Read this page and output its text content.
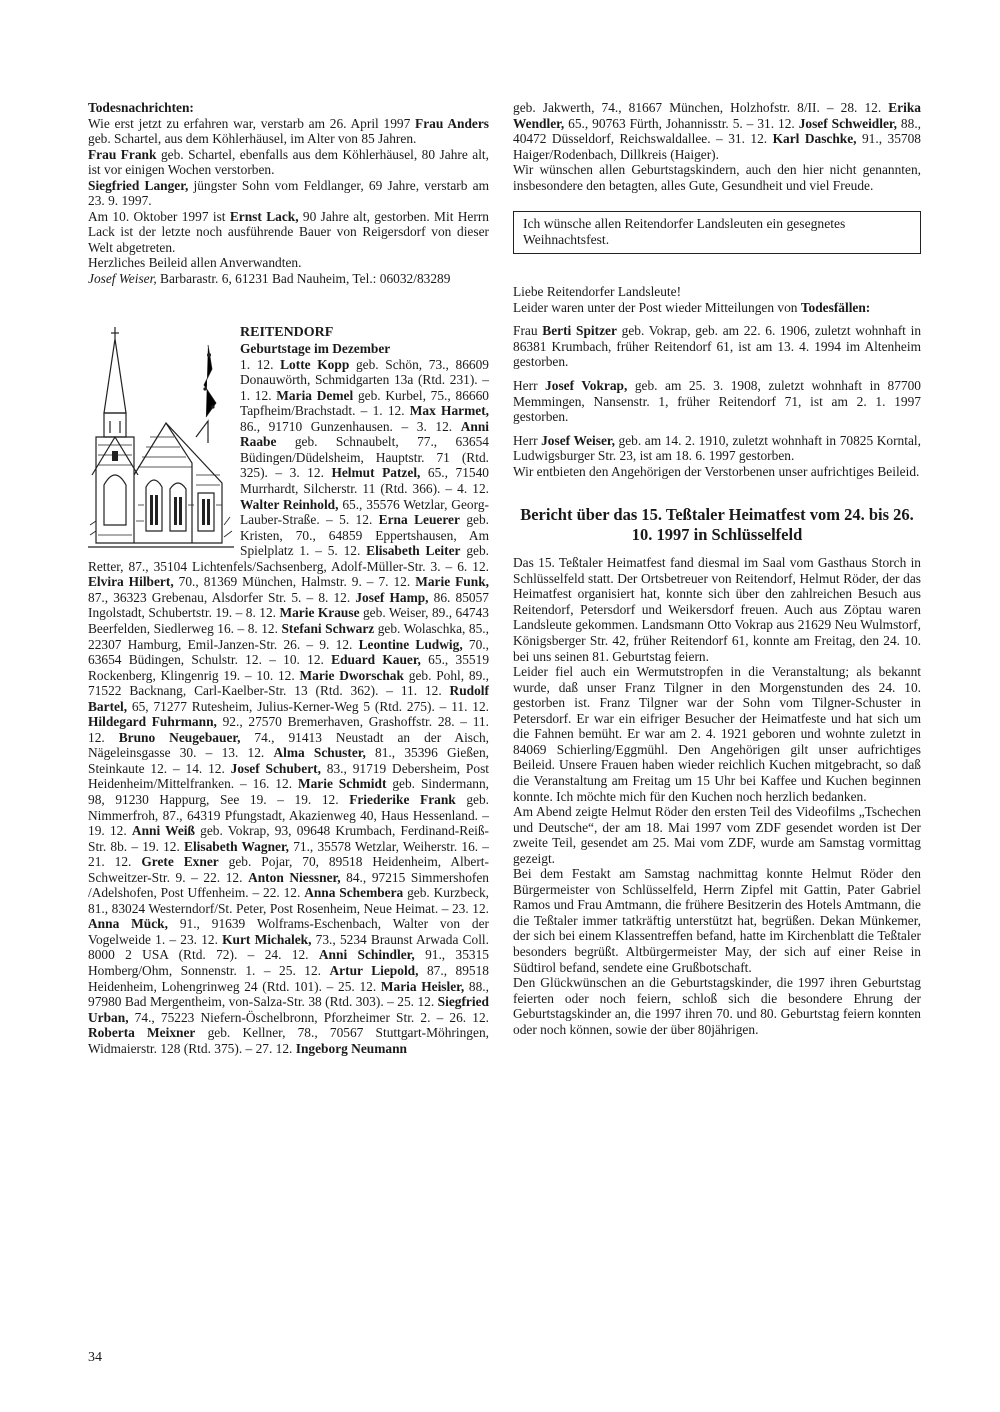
Todesnachrichten:

Wie erst jetzt zu erfahren war, verstarb am 26. April 1997 Frau Anders geb. Schartel, aus dem Köhlerhäusel, im Alter von 85 Jahren.

Frau Frank geb. Schartel, ebenfalls aus dem Köhlerhäusel, 80 Jahre alt, ist vor einigen Wochen verstorben.

Siegfried Langer, jüngster Sohn vom Feldlanger, 69 Jahre, verstarb am 23. 9. 1997.

Am 10. Oktober 1997 ist Ernst Lack, 90 Jahre alt, gestorben. Mit Herrn Lack ist der letzte noch ausführende Bauer von Reigersdorf von dieser Welt abgetreten.

Herzliches Beileid allen Anverwandten.

Josef Weiser, Barbarastr. 6, 61231 Bad Nauheim, Tel.: 06032/83289

REITENDORF

Geburtstage im Dezember

1. 12. Lotte Kopp geb. Schön, 73., 86609 Donauwörth, Schmidgarten 13a (Rtd. 231). – 1. 12. Maria Demel geb. Kurbel, 75., 86660 Tapfheim/Brachstadt. – 1. 12. Max Harmet, 86., 91710 Gunzenhausen. – 3. 12. Anni Raabe geb. Schnaubelt, 77., 63654 Büdingen/Düdelsheim, Hauptstr. 71 (Rtd. 325). – 3. 12. Helmut Patzel, 65., 71540 Murrhardt, Silcherstr. 11 (Rtd. 366). – 4. 12. Walter Reinhold, 65., 35576 Wetzlar, Georg-Lauber-Straße. – 5. 12. Erna Leuerer geb. Kristen, 70., 64859 Eppertshausen, Am Spielplatz 1. – 5. 12. Elisabeth Leiter geb. Retter, 87., 35104 Lichtenfels/Sachsenberg, Adolf-Müller-Str. 3. – 6. 12. Elvira Hilbert, 70., 81369 München, Halmstr. 9. – 7. 12. Marie Funk, 87., 36323 Grebenau, Alsdorfer Str. 5. – 8. 12. Josef Hamp, 86. 85057 Ingolstadt, Schubertstr. 19. – 8. 12. Marie Krause geb. Weiser, 89., 64743 Beerfelden, Siedlerweg 16. – 8. 12. Stefani Schwarz geb. Wolaschka, 85., 22307 Hamburg, Emil-Janzen-Str. 26. – 9. 12. Leontine Ludwig, 70., 63654 Büdingen, Schulstr. 12. – 10. 12. Eduard Kauer, 65., 35519 Rockenberg, Klingenrig 19. – 10. 12. Marie Dworschak geb. Pohl, 89., 71522 Backnang, Carl-Kaelber-Str. 13 (Rtd. 362). – 11. 12. Rudolf Bartel, 65, 71277 Rutesheim, Julius-Kerner-Weg 5 (Rtd. 275). – 11. 12. Hildegard Fuhrmann, 92., 27570 Bremerhaven, Grashoffstr. 28. – 11. 12. Bruno Neugebauer, 74., 91413 Neustadt an der Aisch, Nägeleinsgasse 30. – 13. 12. Alma Schuster, 81., 35396 Gießen, Steinkaute 12. – 14. 12. Josef Schubert, 83., 91719 Debersheim, Post Heidenheim/Mittelfranken. – 16. 12. Marie Schmidt geb. Sindermann, 98, 91230 Happurg, See 19. – 19. 12. Friederike Frank geb. Nimmerfroh, 87., 64319 Pfungstadt, Akazienweg 40, Haus Hessenland. – 19. 12. Anni Weiß geb. Vokrap, 93, 09648 Krumbach, Ferdinand-Reiß-Str. 8b. – 19. 12. Elisabeth Wagner, 71., 35578 Wetzlar, Weiherstr. 16. – 21. 12. Grete Exner geb. Pojar, 70, 89518 Heidenheim, Albert-Schweitzer-Str. 9. – 22. 12. Anton Niessner, 84., 97215 Simmershofen /Adelshofen, Post Uffenheim. – 22. 12. Anna Schembera geb. Kurzbeck, 81., 83024 Westerndorf/St. Peter, Post Rosenheim, Neue Heimat. – 23. 12. Anna Mück, 91., 91639 Wolframs-Eschenbach, Walter von der Vogelweide 1. – 23. 12. Kurt Michalek, 73., 5234 Braunst Arwada Coll. 8000 2 USA (Rtd. 72). – 24. 12. Anni Schindler, 91., 35315 Homberg/Ohm, Sonnenstr. 1. – 25. 12. Artur Liepold, 87., 89518 Heidenheim, Lohengrinweg 24 (Rtd. 101). – 25. 12. Maria Heisler, 88., 97980 Bad Mergentheim, von-Salza-Str. 38 (Rtd. 303). – 25. 12. Siegfried Urban, 74., 75223 Niefern-Öschelbronn, Pforzheimer Str. 2. – 26. 12. Roberta Meixner geb. Kellner, 78., 70567 Stuttgart-Möhringen, Widmaierstr. 128 (Rtd. 375). – 27. 12. Ingeborg Neumann

geb. Jakwerth, 74., 81667 München, Holzhofstr. 8/II. – 28. 12. Erika Wendler, 65., 90763 Fürth, Johannisstr. 5. – 31. 12. Josef Schweidler, 88., 40472 Düsseldorf, Reichswaldallee. – 31. 12. Karl Daschke, 91., 35708 Haiger/Rodenbach, Dillkreis (Haiger).

Wir wünschen allen Geburtstagskindern, auch den hier nicht genannten, insbesondere den betagten, alles Gute, Gesundheit und viel Freude.

Ich wünsche allen Reitendorfer Landsleuten ein gesegnetes Weihnachtsfest.

Liebe Reitendorfer Landsleute!

Leider waren unter der Post wieder Mitteilungen von Todesfällen:

Frau Berti Spitzer geb. Vokrap, geb. am 22. 6. 1906, zuletzt wohnhaft in 86381 Krumbach, früher Reitendorf 61, ist am 13. 4. 1994 im Altenheim gestorben.

Herr Josef Vokrap, geb. am 25. 3. 1908, zuletzt wohnhaft in 87700 Memmingen, Nansenstr. 1, früher Reitendorf 71, ist am 2. 1. 1997 gestorben.

Herr Josef Weiser, geb. am 14. 2. 1910, zuletzt wohnhaft in 70825 Korntal, Ludwigsburger Str. 23, ist am 18. 6. 1997 gestorben.

Wir entbieten den Angehörigen der Verstorbenen unser aufrichtiges Beileid.

Bericht über das 15. Teßtaler Heimatfest vom 24. bis 26. 10. 1997 in Schlüsselfeld

Das 15. Teßtaler Heimatfest fand diesmal im Saal vom Gasthaus Storch in Schlüsselfeld statt. Der Ortsbetreuer von Reitendorf, Helmut Röder, der das Heimatfest organisiert hat, konnte sich über den zahlreichen Besuch aus Reitendorf, Petersdorf und Weikersdorf freuen. Auch aus Zöptau waren Landsleute gekommen. Landsmann Otto Vokrap aus 21629 Neu Wulmstorf, Königsberger Str. 42, früher Reitendorf 61, konnte am Freitag, den 24. 10. bei uns seinen 81. Geburtstag feiern.

Leider fiel auch ein Wermutstropfen in die Veranstaltung; als bekannt wurde, daß unser Franz Tilgner in den Morgenstunden des 24. 10. gestorben ist. Franz Tilgner war der Sohn vom Tilgner-Schuster in Petersdorf. Er war ein eifriger Besucher der Heimatfeste und hat sich um die Fahnen bemüht. Er war am 2. 4. 1921 geboren und wohnte zuletzt in 84069 Schierling/Eggmühl. Den Angehörigen gilt unser aufrichtiges Beileid. Unsere Frauen haben wieder reichlich Kuchen mitgebracht, so daß die Veranstaltung am Freitag um 15 Uhr bei Kaffee und Kuchen beginnen konnte. Ich möchte mich für den Kuchen noch herzlich bedanken.

Am Abend zeigte Helmut Röder den ersten Teil des Videofilms „Tschechen und Deutsche“, der am 18. Mai 1997 vom ZDF gesendet worden ist Der zweite Teil, gesendet am 25. Mai vom ZDF, wurde am Samstag vormittag gezeigt.

Bei dem Festakt am Samstag nachmittag konnte Helmut Röder den Bürgermeister von Schlüsselfeld, Herrn Zipfel mit Gattin, Pater Gabriel Ramos und Frau Amtmann, die frühere Besitzerin des Hotels Amtmann, die die Teßtaler immer tatkräftig unterstützt hat, begrüßen. Dekan Münkemer, der sich bei einem Klassentreffen befand, hatte im Kirchenblatt die Teßtaler besonders begrüßt. Altbürgermeister May, der sich auf einer Reise in Südtirol befand, sendete eine Grußbotschaft.

Den Glückwünschen an die Geburtstagskinder, die 1997 ihren Geburtstag feierten oder noch feiern, schloß sich die besondere Ehrung der Geburtstagskinder an, die 1997 ihren 70. und 80. Geburtstag feiern konnten oder noch können, sowie der über 80jährigen.

34
